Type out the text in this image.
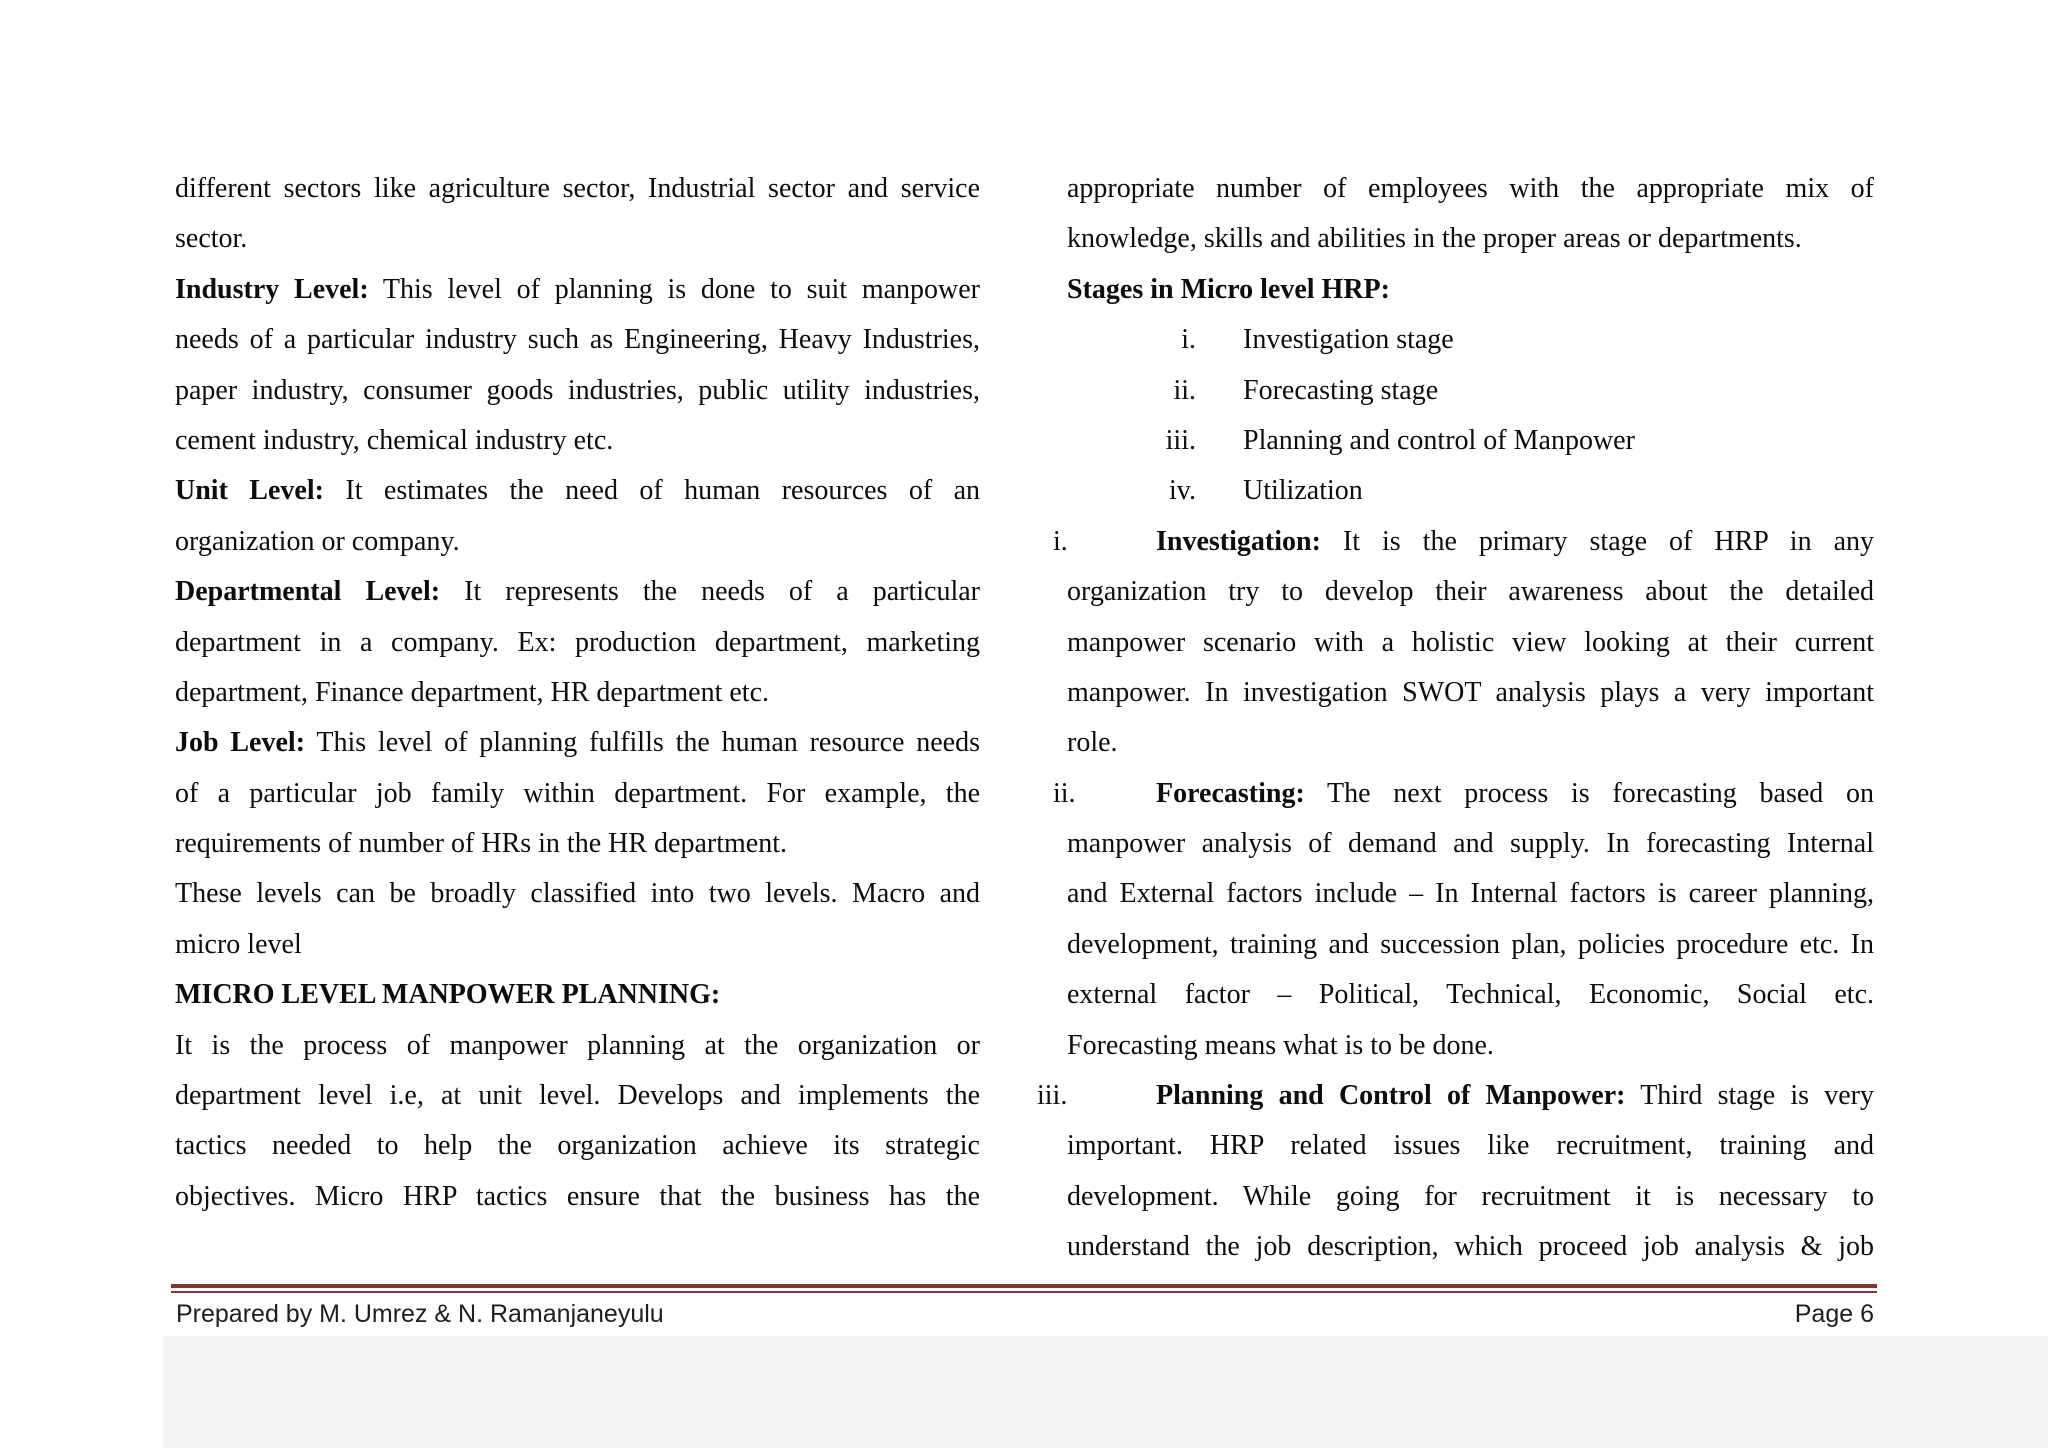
different sectors like agriculture sector, Industrial sector and service
sector.
Industry Level: This level of planning is done to suit manpower
needs of a particular industry such as Engineering, Heavy Industries,
paper industry, consumer goods industries, public utility industries,
cement industry, chemical industry etc.
Unit Level: It estimates the need of human resources of an
organization or company.
Departmental Level: It represents the needs of a particular
department in a company. Ex: production department, marketing
department, Finance department, HR department etc.
Job Level: This level of planning fulfills the human resource needs
of a particular job family within department. For example, the
requirements of number of HRs in the HR department.
These levels can be broadly classified into two levels. Macro and
micro level
MICRO LEVEL MANPOWER PLANNING:
It is the process of manpower planning at the organization or
department level i.e, at unit level. Develops and implements the
tactics needed to help the organization achieve its strategic
objectives. Micro HRP tactics ensure that the business has the
appropriate number of employees with the appropriate mix of
knowledge, skills and abilities in the proper areas or departments.
Stages in Micro level HRP:
i. Investigation stage
ii. Forecasting stage
iii. Planning and control of Manpower
iv. Utilization
i.	Investigation: It is the primary stage of HRP in any
organization try to develop their awareness about the detailed
manpower scenario with a holistic view looking at their current
manpower. In investigation SWOT analysis plays a very important
role.
ii.	Forecasting: The next process is forecasting based on
manpower analysis of demand and supply. In forecasting Internal
and External factors include – In Internal factors is career planning,
development, training and succession plan, policies procedure etc. In
external factor – Political, Technical, Economic, Social etc.
Forecasting means what is to be done.
iii.	Planning and Control of Manpower: Third stage is very
important. HRP related issues like recruitment, training and
development. While going for recruitment it is necessary to
understand the job description, which proceed job analysis & job
Prepared by M. Umrez & N. Ramanjaneyulu	Page 6
